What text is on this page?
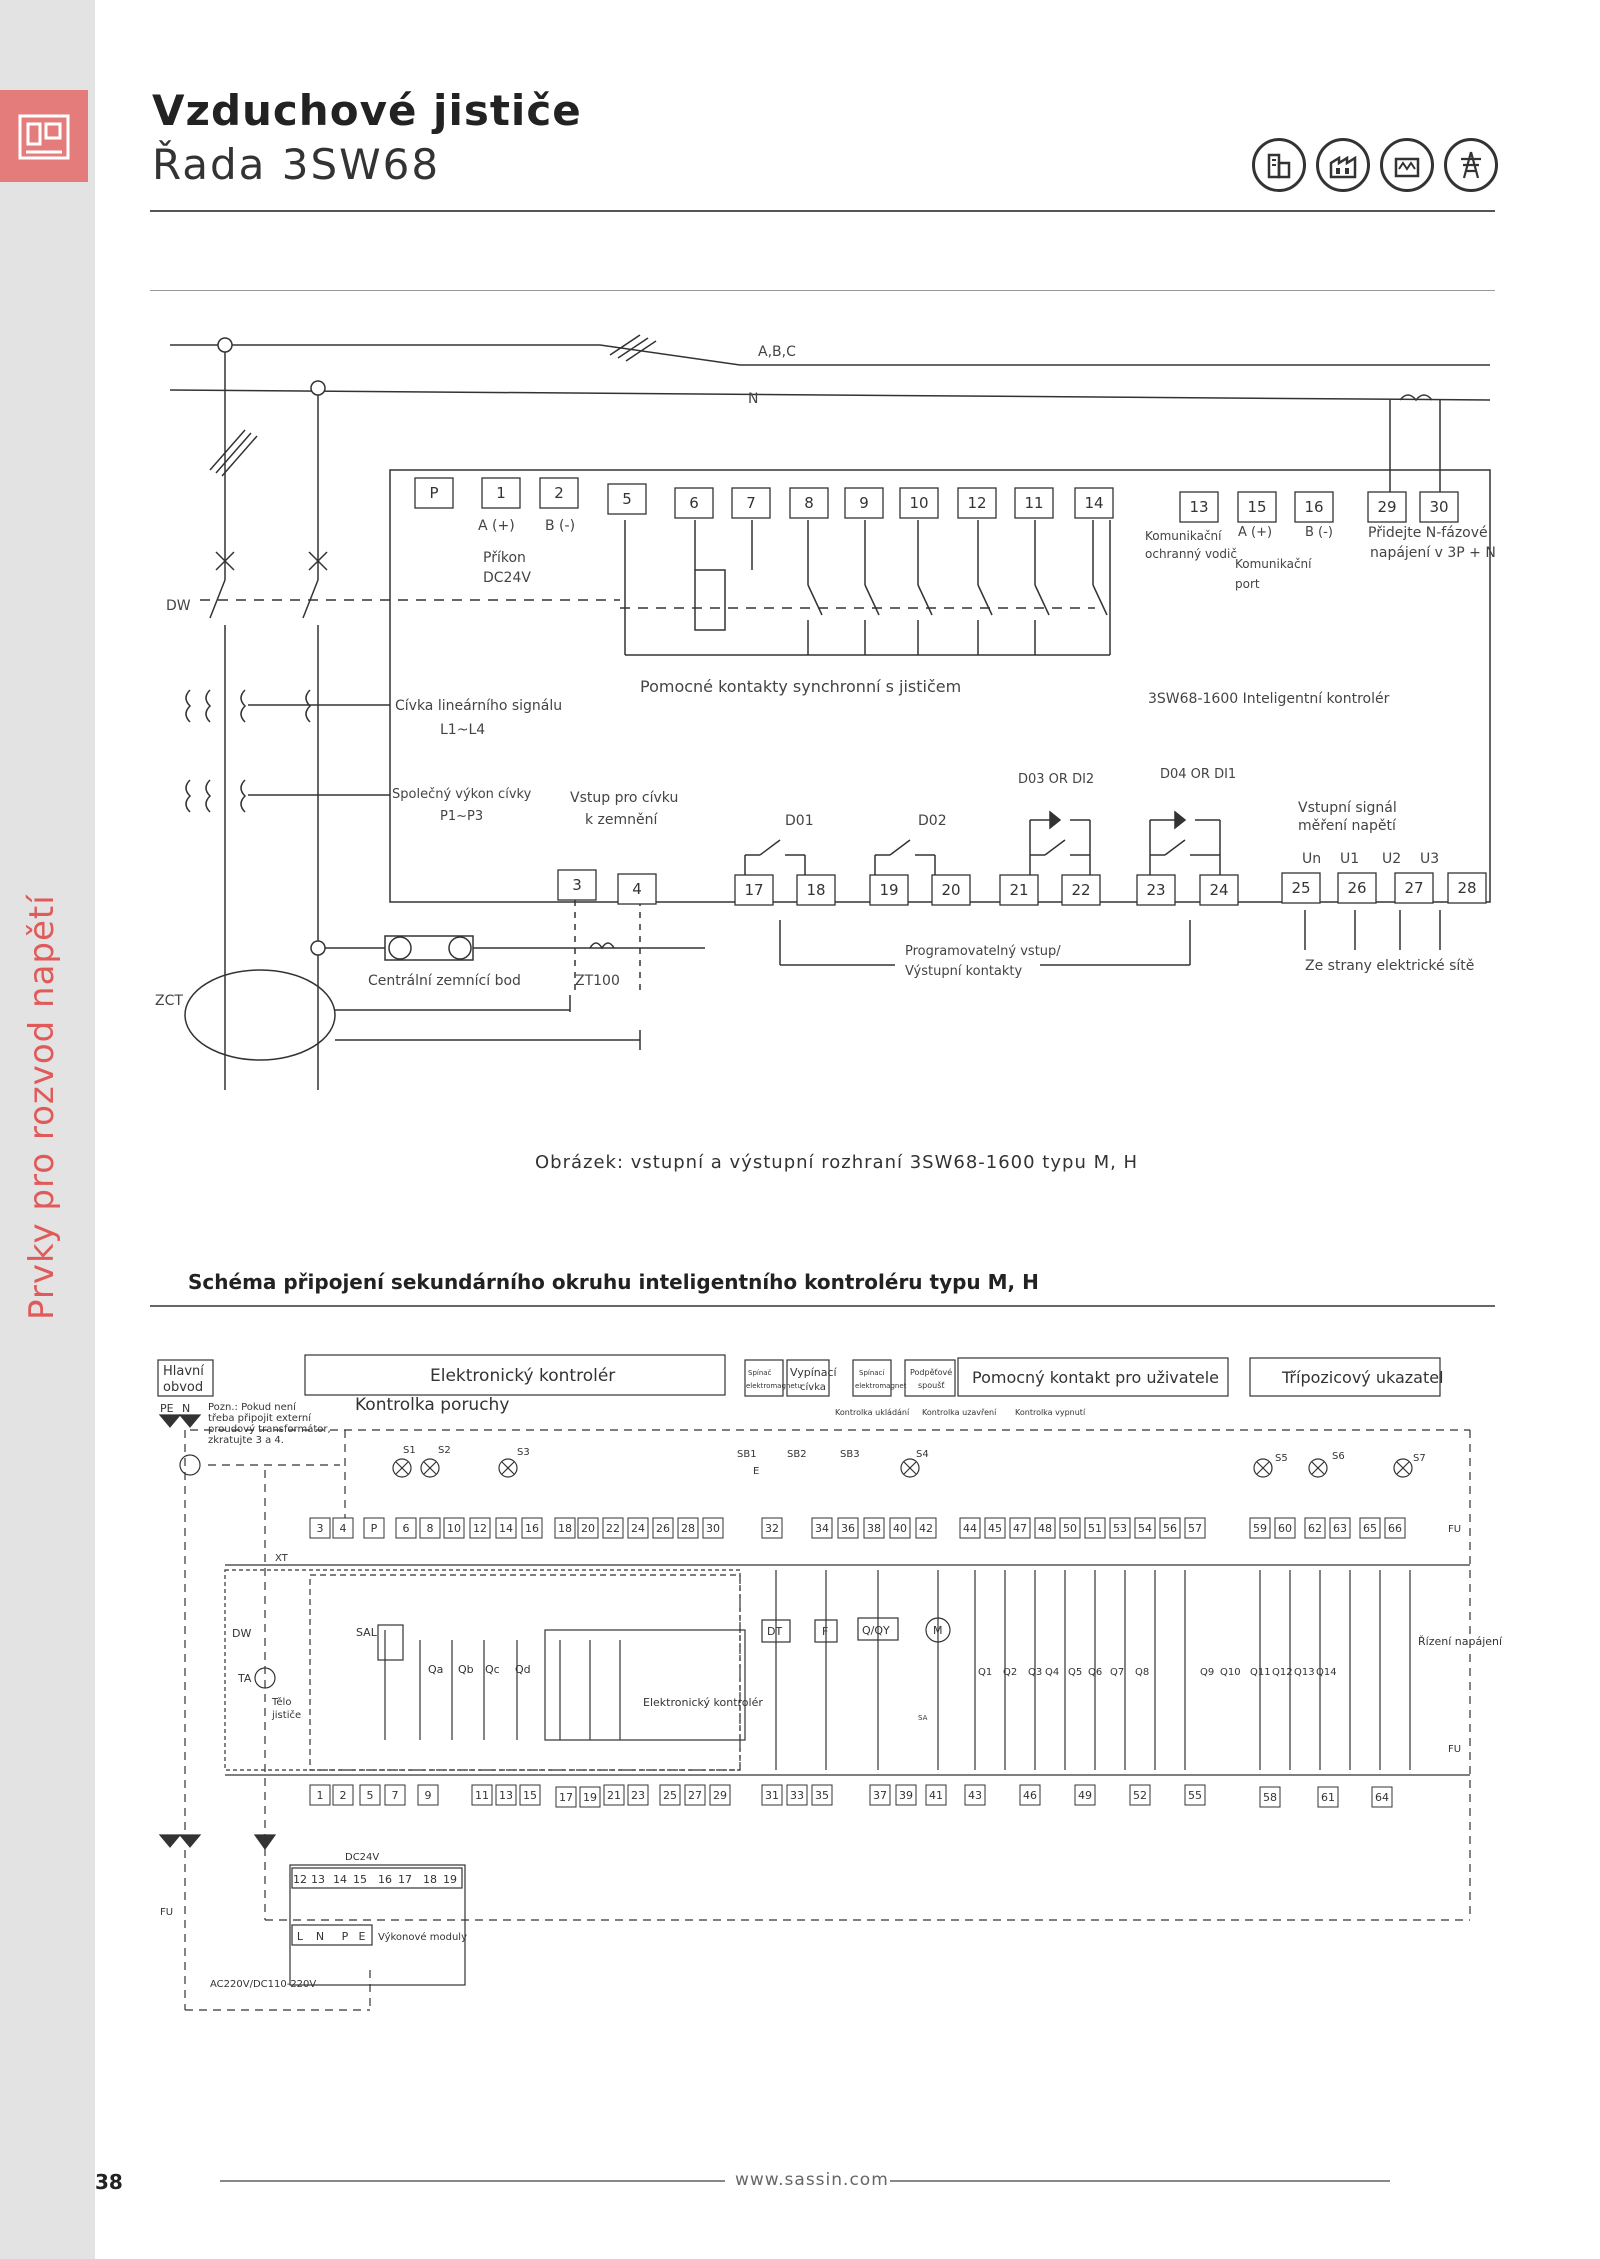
Prvky pro rozvod napětí
Vzduchové jističe
Řada 3SW68
P	1	2	5	6	7	8	9	10	12	11	14	13	15	16	29 30
3	4	17	18	19	20	21	22	23	24	25 26	27 28
A,B,C
N
DW
ZCT
A (+) B (-)
Příkon
DC24V
Komunikační
ochranný vodič
A (+)	B (-)
Komunikační
port
Přidejte N-fázové
napájení v 3P + N
Pomocné kontakty synchronní s jističem
3SW68-1600 Inteligentní kontrolér
Cívka lineárního signálu
L1~L4
Společný výkon cívky
P1~P3
Vstup pro cívku
k zemnění	D01	D02
D03 OR DI2	D04 OR DI1
Vstupní signál
měření napětí
Un U1 U2 U3
Programovatelný vstup/
Výstupní kontakty	Ze strany elektrické sítě
Centrální zemnící bod	ZT100
Obrázek: vstupní a výstupní rozhraní 3SW68-1600 typu M, H
Schéma připojení sekundárního okruhu inteligentního kontroléru typu M, H
3 4 P 6 8 10 12 14 16 18 20 22 24 26 28 30	32	34 36 38 40 42	44 45 47 48 50 51 53 54 56 57	59 60 62 63 65 66
1 2 5 7 9	11 13 15 17 19 21 23 25 27 29	31 33 35	37 39 41 43	46	49	52	55	58	61	64
12 13 14 15 16 17 18 19
L N P E
Hlavní
obvod
Elektronický kontrolér	Spínač
elektromagnetu
Vypínací
cívka
Spínací
elektromagnet
Podpěťové
spoušť Pomocný kontakt pro uživatele	Třípozicový ukazatel
PE N Pozn.: Pokud není
třeba připojit externí
proudový transformátor,
zkratujte 3 a 4.
Kontrolka poruchy	Kontrolka ukládání Kontrolka uzavření Kontrolka vypnutí
S1 S2	S3	SB1	SB2	SB3	S4	S5	S6	S7
E
XT
DW
TA
Tělo
jističe
SAL
Qa Qb Qc Qd
Elektronický kontrolér
DT	F	Q/QY	M
SA
Q1 Q2 Q3 Q4 Q5 Q6 Q7 Q8	Q9 Q10 Q11 Q12 Q13 Q14
Řízení napájení
FU
FU
FU
DC24V
Výkonové moduly
AC220V/DC110-220V
38	www.sassin.com
